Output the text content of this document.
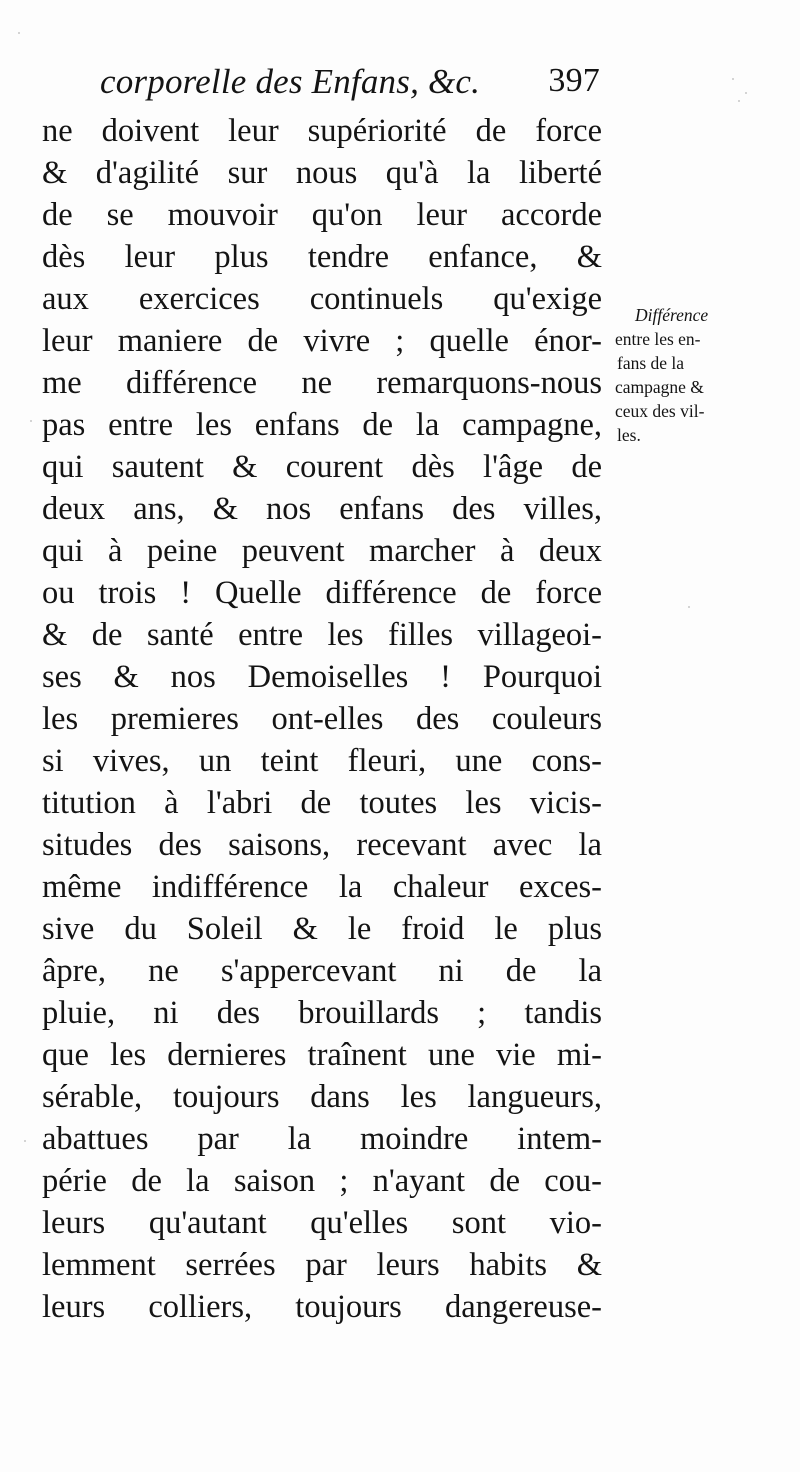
corporelle des Enfans, &c. 397
ne doivent leur supériorité de force
& d'agilité sur nous qu'à la liberté
de se mouvoir qu'on leur accorde
dès leur plus tendre enfance, &
aux exercices continuels qu'exige
leur maniere de vivre ; quelle énor-
me différence ne remarquons-nous
pas entre les enfans de la campagne,
qui sautent & courent dès l'âge de
deux ans, & nos enfans des villes,
qui à peine peuvent marcher à deux
ou trois ! Quelle différence de force
& de santé entre les filles villageoi-
ses & nos Demoiselles ! Pourquoi
les premieres ont-elles des couleurs
si vives, un teint fleuri, une cons-
titution à l'abri de toutes les vicis-
situdes des saisons, recevant avec la
même indifférence la chaleur exces-
sive du Soleil & le froid le plus
âpre, ne s'appercevant ni de la
pluie, ni des brouillards ; tandis
que les dernieres traînent une vie mi-
sérable, toujours dans les langueurs,
abattues par la moindre intem-
périe de la saison ; n'ayant de cou-
leurs qu'autant qu'elles sont vio-
lemment serrées par leurs habits &
leurs colliers, toujours dangereuse-
Différence
entre les en-
fans de la
campagne &
ceux des vil-
les.
